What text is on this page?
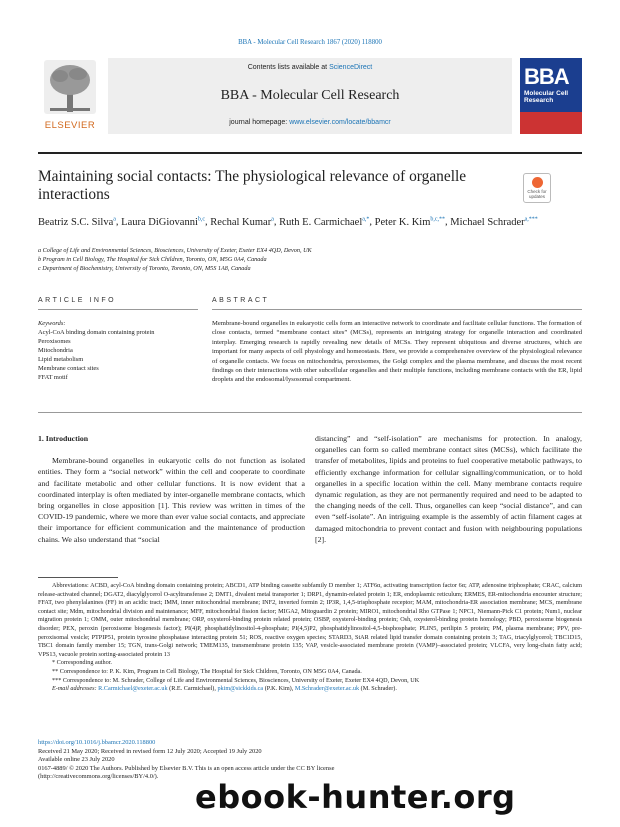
BBA - Molecular Cell Research 1867 (2020) 118800
ELSEVIER
Contents lists available at ScienceDirect
BBA - Molecular Cell Research
journal homepage: www.elsevier.com/locate/bbamcr
BBA
Molecular Cell Research
Maintaining social contacts: The physiological relevance of organelle interactions	Check for updates
Beatriz S.C. Silva$^a$, Laura DiGiovanni$^{b,c}$, Rechal Kumar$^a$, Ruth E. Carmichael$^{a,*}$, Peter K. Kim$^{b,c,**}$, Michael Schrader$^{a,***}$
a College of Life and Environmental Sciences, Biosciences, University of Exeter, Exeter EX4 4QD, Devon, UK
b Program in Cell Biology, The Hospital for Sick Children, Toronto, ON, M5G 0A4, Canada
c Department of Biochemistry, University of Toronto, Toronto, ON, M5S 1A8, Canada
ARTICLE INFO	ABSTRACT
Keywords:
Acyl-CoA binding domain containing protein
Peroxisomes
Mitochondria
Lipid metabolism
Membrane contact sites
FFAT motif
Membrane-bound organelles in eukaryotic cells form an interactive network to coordinate and facilitate cellular functions. The formation of close contacts, termed “membrane contact sites” (MCSs), represents an intriguing strategy for organelle interaction and coordinated interplay. Emerging research is rapidly revealing new details of MCSs. They represent ubiquitous and diverse structures, which are important for many aspects of cell physiology and homeostasis. Here, we provide a comprehensive overview of the physiological relevance of organelle contacts. We focus on mitochondria, peroxisomes, the Golgi complex and the plasma membrane, and discuss the most recent findings on their interactions with other subcellular organelles and their multiple functions, including membrane contacts with the ER, lipid droplets and the endosomal/lysosomal compartment.

1. Introduction

Membrane-bound organelles in eukaryotic cells do not function as isolated entities. They form a “social network” within the cell and cooperate to coordinate and facilitate metabolic and other cellular functions. It is now evident that a coordinated interplay is often mediated by inter-organelle membrane contacts, which bring organelles in close apposition [1]. This review was written in times of the COVID-19 pandemic, where we more than ever value social contacts, and appreciate their importance for efficient communication and the maintenance of production chains. We also understand that “social

distancing” and “self-isolation” are mechanisms for protection. In analogy, organelles can form so called membrane contact sites (MCSs), which facilitate the transfer of metabolites, lipids and proteins to fuel cooperative metabolic pathways, to efficiently exchange information for cellular signalling/communication, or to hold organelles in a specific location within the cell. Many membrane contacts require dynamic regulation, as they are not permanently required and need to be adapted to the changing needs of the cell. Thus, organelles can keep “social distance”, and can even “self-isolate”. An intriguing example is the assembly of actin filament cages at damaged mitochondria to prevent contact and fusion with neighbouring populations [2].

Abbreviations: ACBD, acyl-CoA binding domain containing protein; ABCD1, ATP binding cassette subfamily D member 1; ATF6α, activating transcription factor 6α; ATP, adenosine triphosphate; CRAC, calcium release-activated channel; DGAT2, diacylglycerol O-acyltransferase 2; DMT1, divalent metal transporter 1; DRP1, dynamin-related protein 1; ER, endoplasmic reticulum; ERMES, ER-mitochondria encounter structure; FFAT, two phenylalanines (FF) in an acidic tract; IMM, inner mitochondrial membrane; INF2, inverted formin 2; IP3R, 1,4,5-trisphosphate receptor; MAM, mitochondria-ER association membrane; MCS, membrane contact site; Mdm, mitochondrial division and maintenance; MFF, mitochondrial fission factor; MIGA2, Mitoguardin 2 protein; MIRO1, mitochondrial Rho GTPase 1; NPC1, Niemann-Pick C1 protein; Num1, nuclear migration protein 1; OMM, outer mitochondrial membrane; ORP, oxysterol-binding protein related protein; OSBP, oxysterol-binding protein; Osh, oxysterol-binding protein homology; PBD, peroxisome biogenesis disorder; PEX, peroxin (peroxisome biogenesis factor); PI(4)P, phosphatidylinositol-4-phosphate; PI(4,5)P2, phosphatidylinositol-4,5-bisphosphate; PLIN5, perilipin 5 protein; PM, plasma membrane; PPV, pre-peroxisomal vesicle; PTPIP51, protein tyrosine phosphatase interacting protein 51; ROS, reactive oxygen species; STARD3, StAR related lipid transfer domain containing protein 3; TAG, triacylglycerol; TBC1D15, TBC1 domain family member 15; TGN, trans-Golgi network; TMEM135, transmembrane protein 135; VAP, vesicle-associated membrane protein (VAMP)–associated protein; VLCFA, very long-chain fatty acid; VPS13, vacuole protein sorting-associated protein 13

* Corresponding author.

** Correspondence to: P. K. Kim, Program in Cell Biology, The Hospital for Sick Children, Toronto, ON M5G 0A4, Canada.

*** Correspondence to: M. Schrader, College of Life and Environmental Sciences, Biosciences, University of Exeter, Exeter EX4 4QD, Devon, UK

E-mail addresses: R.Carmichael@exeter.ac.uk (R.E. Carmichael), pkim@sickkids.ca (P.K. Kim), M.Schrader@exeter.ac.uk (M. Schrader).

https://doi.org/10.1016/j.bbamcr.2020.118800

Received 21 May 2020; Received in revised form 12 July 2020; Accepted 19 July 2020

Available online 23 July 2020

0167-4889/ © 2020 The Authors. Published by Elsevier B.V. This is an open access article under the CC BY license

(http://creativecommons.org/licenses/BY/4.0/).

ebook-hunter.org
